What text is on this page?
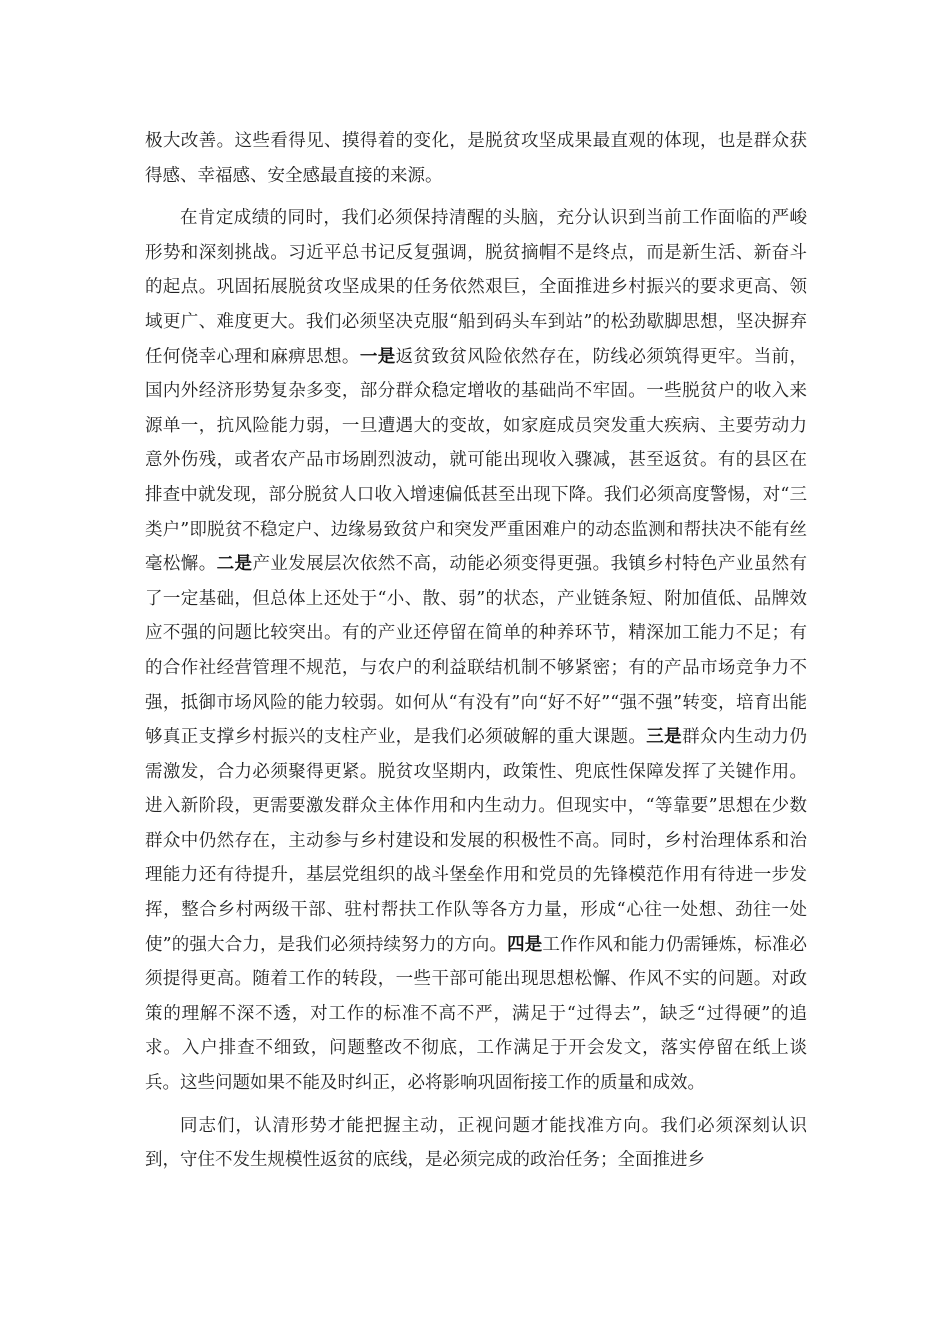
极大改善。这些看得见、摸得着的变化，是脱贫攻坚成果最直观的体现，也是群众获得感、幸福感、安全感最直接的来源。

在肯定成绩的同时，我们必须保持清醒的头脑，充分认识到当前工作面临的严峻形势和深刻挑战。习近平总书记反复强调，脱贫摘帽不是终点，而是新生活、新奋斗的起点。巩固拓展脱贫攻坚成果的任务依然艰巨，全面推进乡村振兴的要求更高、领域更广、难度更大。我们必须坚决克服“船到码头车到站”的松劲歇脚思想，坚决摒弃任何侥幸心理和麻痹思想。一是返贫致贫风险依然存在，防线必须筑得更牢。当前，国内外经济形势复杂多变，部分群众稳定增收的基础尚不牢固。一些脱贫户的收入来源单一，抗风险能力弱，一旦遭遇大的变故，如家庭成员突发重大疾病、主要劳动力意外伤残，或者农产品市场剧烈波动，就可能出现收入骤减，甚至返贫。有的县区在排查中就发现，部分脱贫人口收入增速偏低甚至出现下降。我们必须高度警惕，对“三类户”即脱贫不稳定户、边缘易致贫户和突发严重困难户的动态监测和帮扶决不能有丝毫松懈。二是产业发展层次依然不高，动能必须变得更强。我镇乡村特色产业虽然有了一定基础，但总体上还处于“小、散、弱”的状态，产业链条短、附加值低、品牌效应不强的问题比较突出。有的产业还停留在简单的种养环节，精深加工能力不足；有的合作社经营管理不规范，与农户的利益联结机制不够紧密；有的产品市场竞争力不强，抵御市场风险的能力较弱。如何从“有没有”向“好不好”“强不强”转变，培育出能够真正支撑乡村振兴的支柱产业，是我们必须破解的重大课题。三是群众内生动力仍需激发，合力必须聚得更紧。脱贫攻坚期内，政策性、兜底性保障发挥了关键作用。进入新阶段，更需要激发群众主体作用和内生动力。但现实中，“等靠要”思想在少数群众中仍然存在，主动参与乡村建设和发展的积极性不高。同时，乡村治理体系和治理能力还有待提升，基层党组织的战斗堡垒作用和党员的先锋模范作用有待进一步发挥，整合乡村两级干部、驻村帮扶工作队等各方力量，形成“心往一处想、劲往一处使”的强大合力，是我们必须持续努力的方向。四是工作作风和能力仍需锤炼，标准必须提得更高。随着工作的转段，一些干部可能出现思想松懈、作风不实的问题。对政策的理解不深不透，对工作的标准不高不严，满足于“过得去”，缺乏“过得硬”的追求。入户排查不细致，问题整改不彻底，工作满足于开会发文，落实停留在纸上谈兵。这些问题如果不能及时纠正，必将影响巩固衔接工作的质量和成效。

同志们，认清形势才能把握主动，正视问题才能找准方向。我们必须深刻认识到，守住不发生规模性返贫的底线，是必须完成的政治任务；全面推进乡
